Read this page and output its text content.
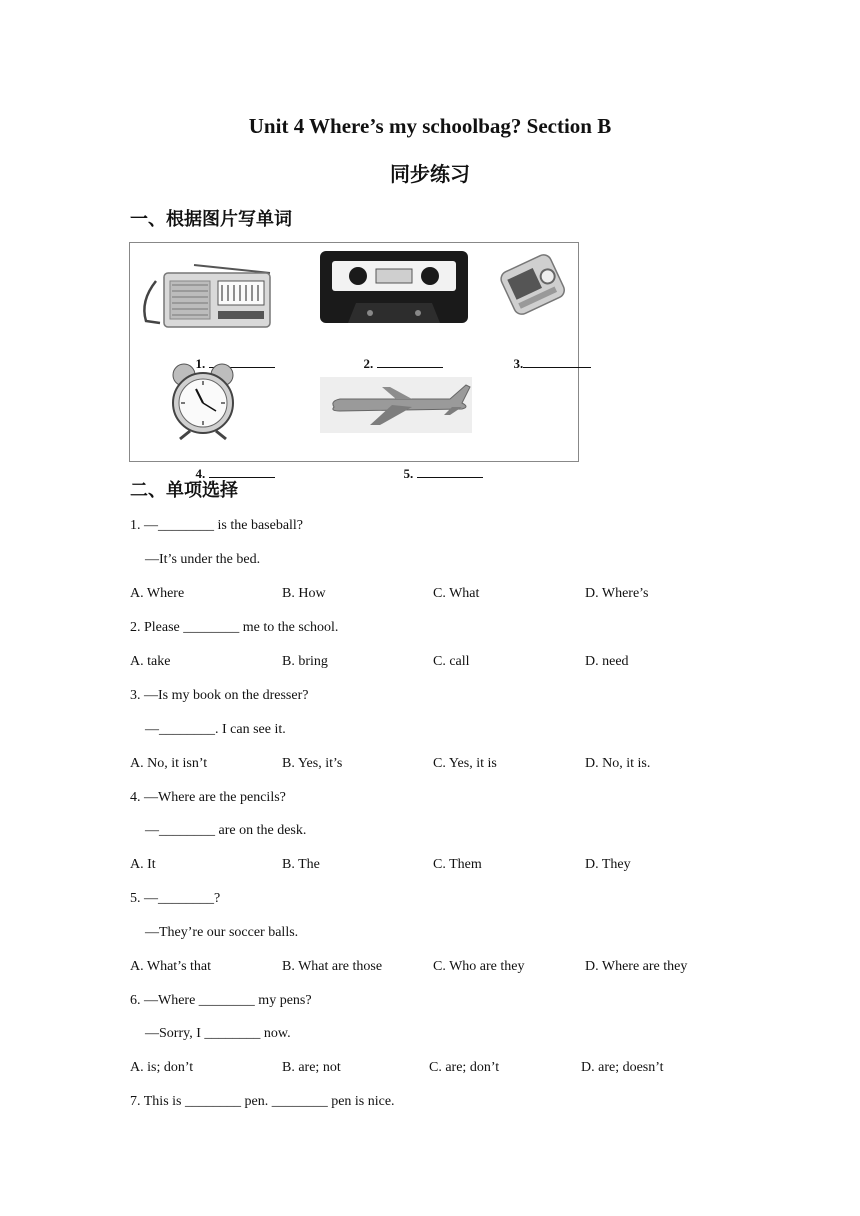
Unit 4 Where’s my schoolbag? Section B
同步练习
一、根据图片写单词

1.
	2.
	3.

4.
	5.

二、单项选择
1. —________ is the baseball?
—It’s under the bed.
A. Where	B. How	C. What	D. Where’s
2. Please ________ me to the school.
A. take	B. bring	C. call	D. need
3. —Is my book on the dresser?
—________. I can see it.
A. No, it isn’t	B. Yes, it’s	C. Yes, it is	D. No, it is.
4. —Where are the pencils?
—________ are on the desk.
A. It	B. The	C. Them	D. They
5. —________?
—They’re our soccer balls.
A. What’s that	B. What are those	C. Who are they	D. Where are they
6. —Where ________ my pens?
—Sorry, I ________ now.
A. is; don’t	B. are; not	C. are; don’t	D. are; doesn’t
7. This is ________ pen. ________ pen is nice.
